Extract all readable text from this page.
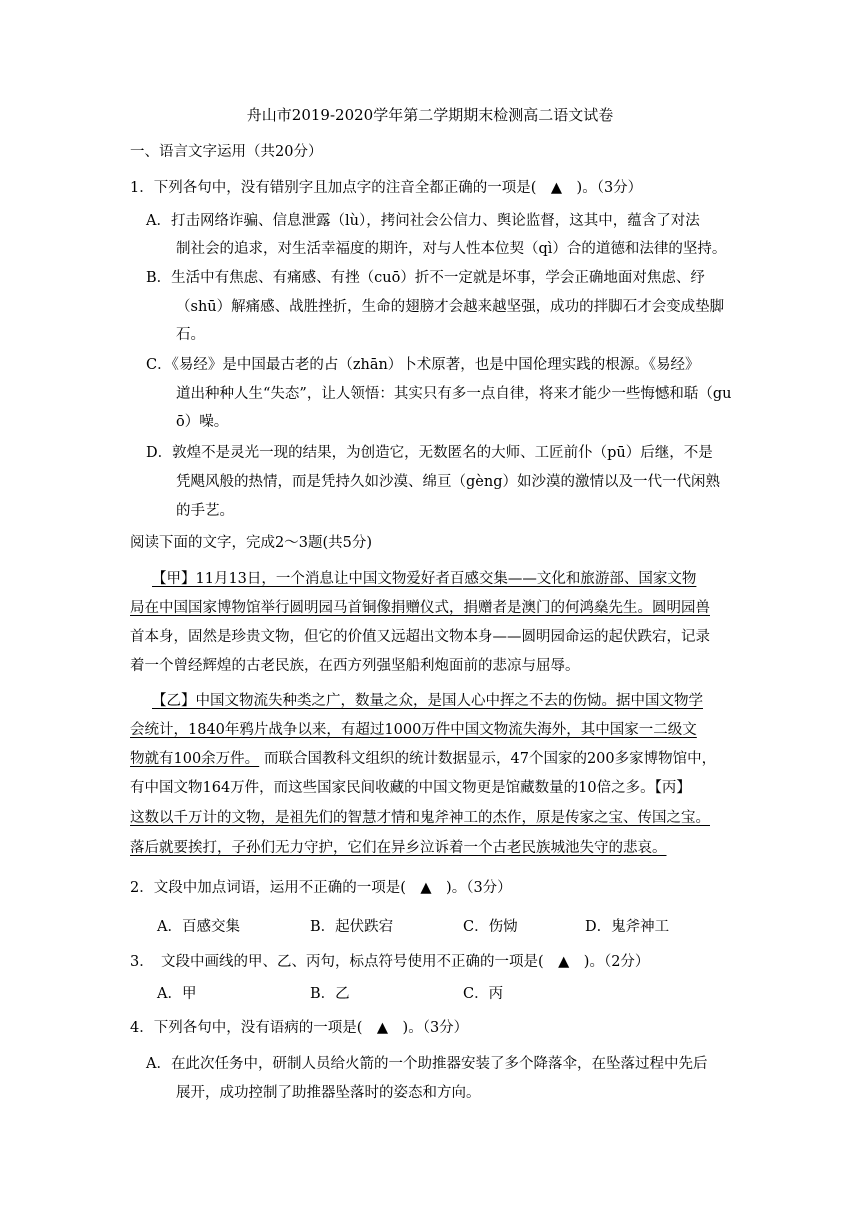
舟山市2019-2020学年第二学期期末检测高二语文试卷
一、语言文字运用（共20分）
1．下列各句中，没有错别字且加点字的注音全都正确的一项是(　▲　)。（3分）
A．打击网络诈骗、信息泄露（lù），拷问社会公信力、舆论监督，这其中，蕴含了对法
制社会的追求，对生活幸福度的期许，对与人性本位契（qì）合的道德和法律的坚持。
B．生活中有焦虑、有痛感、有挫（cuō）折不一定就是坏事，学会正确地面对焦虑、纾
（shū）解痛感、战胜挫折，生命的翅膀才会越来越坚强，成功的拌脚石才会变成垫脚
石。
C．《易经》是中国最古老的占（zhān）卜术原著，也是中国伦理实践的根源。《易经》
道出种种人生“失态”，让人领悟：其实只有多一点自律，将来才能少一些悔憾和聒（gu
ō）噪。
D．敦煌不是灵光一现的结果，为创造它，无数匿名的大师、工匠前仆（pū）后继，不是
凭飓风般的热情，而是凭持久如沙漠、绵亘（gèng）如沙漠的激情以及一代一代闲熟
的手艺。
阅读下面的文字，完成2～3题(共5分)
【甲】11月13日，一个消息让中国文物爱好者百感交集——文化和旅游部、国家文物
局在中国国家博物馆举行圆明园马首铜像捐赠仪式，捐赠者是澳门的何鸿燊先生。圆明园兽
首本身，固然是珍贵文物，但它的价值又远超出文物本身——圆明园命运的起伏跌宕，记录
着一个曾经辉煌的古老民族，在西方列强坚船利炮面前的悲凉与屈辱。
【乙】中国文物流失种类之广，数量之众，是国人心中挥之不去的伤恸。据中国文物学
会统计，1840年鸦片战争以来，有超过1000万件中国文物流失海外，其中国家一二级文
物就有100余万件。 而联合国教科文组织的统计数据显示，47个国家的200多家博物馆中，
有中国文物164万件，而这些国家民间收藏的中国文物更是馆藏数量的10倍之多。【丙】
这数以千万计的文物，是祖先们的智慧才情和鬼斧神工的杰作，原是传家之宝、传国之宝。
落后就要挨打，子孙们无力守护，它们在异乡泣诉着一个古老民族城池失守的悲哀。
2．文段中加点词语，运用不正确的一项是(　▲　)。（3分）
A．百感交集	B．起伏跌宕	C．伤恸	D．鬼斧神工
3．　文段中画线的甲、乙、丙句，标点符号使用不正确的一项是(　▲　)。（2分）
A．甲	B．乙	C．丙
4．下列各句中，没有语病的一项是(　▲　)。（3分）
A．在此次任务中，研制人员给火箭的一个助推器安装了多个降落伞，在坠落过程中先后
展开，成功控制了助推器坠落时的姿态和方向。
